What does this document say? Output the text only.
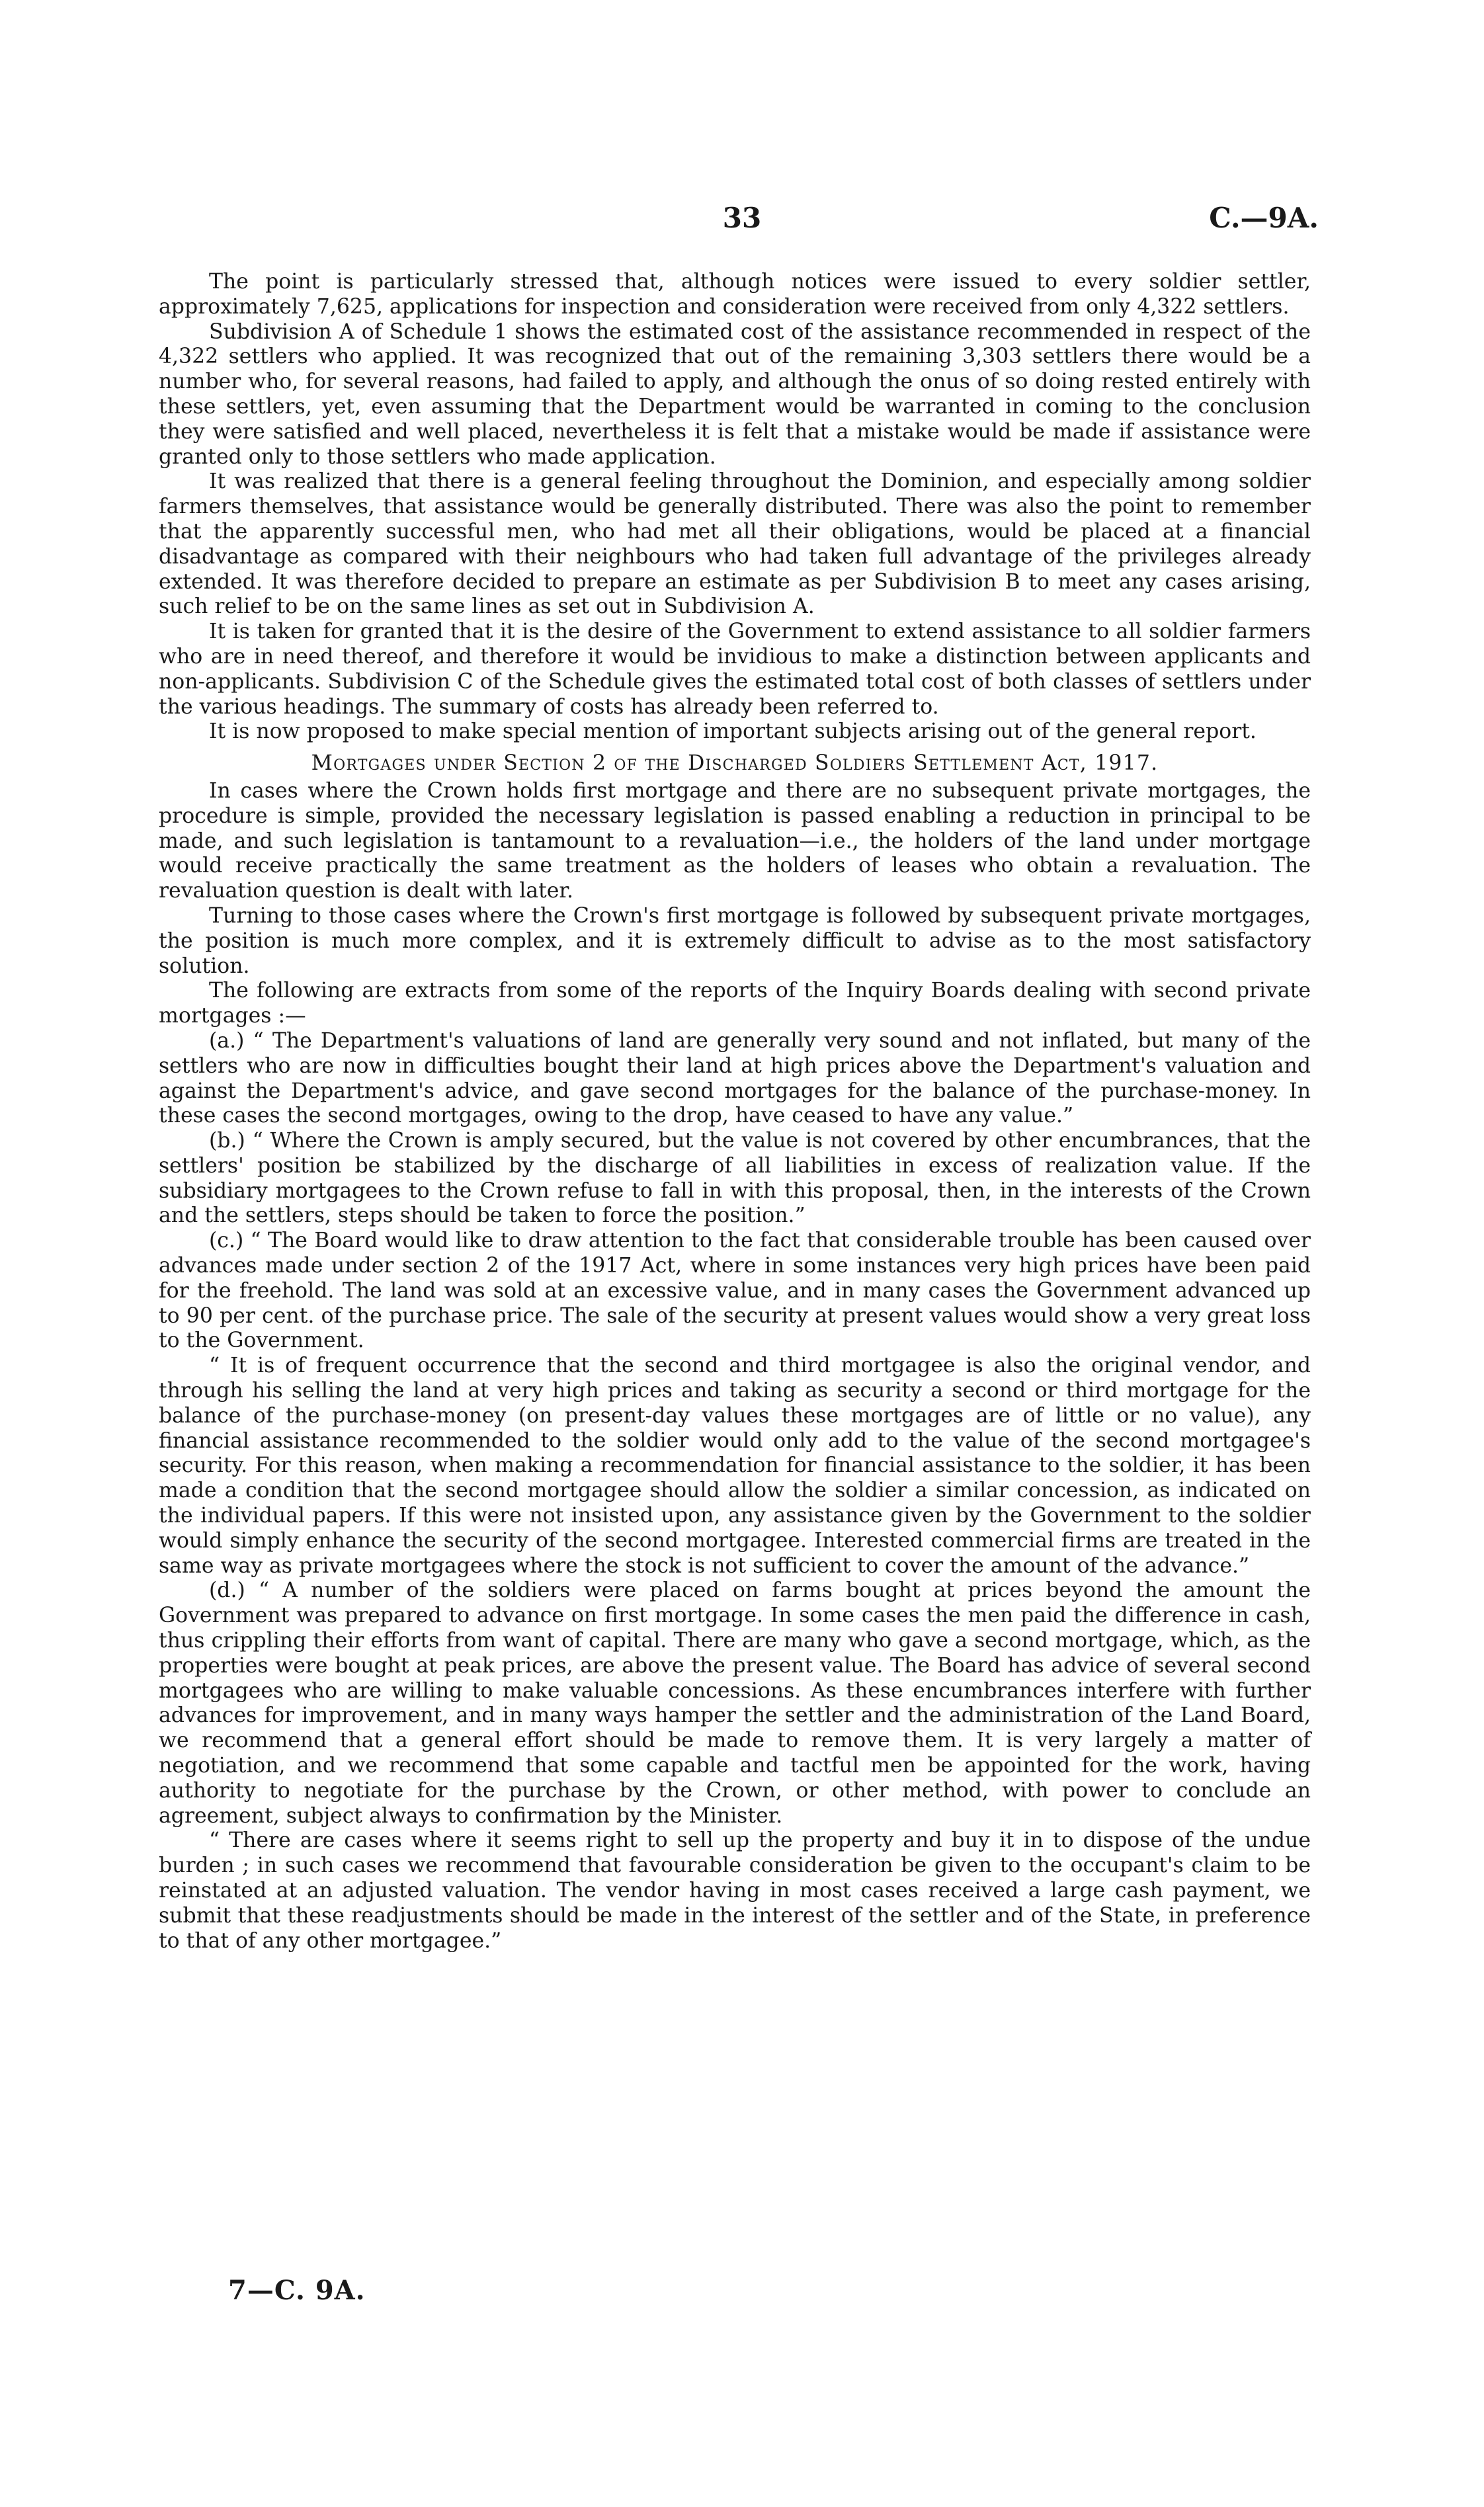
33	C.—9A.

The point is particularly stressed that, although notices were issued to every soldier settler, approximately 7,625, applications for inspection and consideration were received from only 4,322 settlers.

Subdivision A of Schedule 1 shows the estimated cost of the assistance recommended in respect of the 4,322 settlers who applied. It was recognized that out of the remaining 3,303 settlers there would be a number who, for several reasons, had failed to apply, and although the onus of so doing rested entirely with these settlers, yet, even assuming that the Department would be warranted in coming to the conclusion they were satisfied and well placed, nevertheless it is felt that a mistake would be made if assistance were granted only to those settlers who made application.

It was realized that there is a general feeling throughout the Dominion, and especially among soldier farmers themselves, that assistance would be generally distributed. There was also the point to remember that the apparently successful men, who had met all their obligations, would be placed at a financial disadvantage as compared with their neighbours who had taken full advantage of the privileges already extended. It was therefore decided to prepare an estimate as per Subdivision B to meet any cases arising, such relief to be on the same lines as set out in Subdivision A.

It is taken for granted that it is the desire of the Government to extend assistance to all soldier farmers who are in need thereof, and therefore it would be invidious to make a distinction between applicants and non-applicants. Subdivision C of the Schedule gives the estimated total cost of both classes of settlers under the various headings. The summary of costs has already been referred to.

It is now proposed to make special mention of important subjects arising out of the general report.

Mortgages under Section 2 of the Discharged Soldiers Settlement Act, 1917.

In cases where the Crown holds first mortgage and there are no subsequent private mortgages, the procedure is simple, provided the necessary legislation is passed enabling a reduction in principal to be made, and such legislation is tantamount to a revaluation—i.e., the holders of the land under mortgage would receive practically the same treatment as the holders of leases who obtain a revaluation. The revaluation question is dealt with later.

Turning to those cases where the Crown's first mortgage is followed by subsequent private mortgages, the position is much more complex, and it is extremely difficult to advise as to the most satisfactory solution.

The following are extracts from some of the reports of the Inquiry Boards dealing with second private mortgages :—

(a.) “ The Department's valuations of land are generally very sound and not inflated, but many of the settlers who are now in difficulties bought their land at high prices above the Department's valuation and against the Department's advice, and gave second mortgages for the balance of the purchase-money. In these cases the second mortgages, owing to the drop, have ceased to have any value.”

(b.) “ Where the Crown is amply secured, but the value is not covered by other encumbrances, that the settlers' position be stabilized by the discharge of all liabilities in excess of realization value. If the subsidiary mortgagees to the Crown refuse to fall in with this proposal, then, in the interests of the Crown and the settlers, steps should be taken to force the position.”

(c.) “ The Board would like to draw attention to the fact that considerable trouble has been caused over advances made under section 2 of the 1917 Act, where in some instances very high prices have been paid for the freehold. The land was sold at an excessive value, and in many cases the Government advanced up to 90 per cent. of the purchase price. The sale of the security at present values would show a very great loss to the Government.

“ It is of frequent occurrence that the second and third mortgagee is also the original vendor, and through his selling the land at very high prices and taking as security a second or third mortgage for the balance of the purchase-money (on present-day values these mortgages are of little or no value), any financial assistance recommended to the soldier would only add to the value of the second mortgagee's security. For this reason, when making a recommendation for financial assistance to the soldier, it has been made a condition that the second mortgagee should allow the soldier a similar concession, as indicated on the individual papers. If this were not insisted upon, any assistance given by the Government to the soldier would simply enhance the security of the second mortgagee. Interested commercial firms are treated in the same way as private mortgagees where the stock is not sufficient to cover the amount of the advance.”

(d.) “ A number of the soldiers were placed on farms bought at prices beyond the amount the Government was prepared to advance on first mortgage. In some cases the men paid the difference in cash, thus crippling their efforts from want of capital. There are many who gave a second mortgage, which, as the properties were bought at peak prices, are above the present value. The Board has advice of several second mortgagees who are willing to make valuable concessions. As these encumbrances interfere with further advances for improvement, and in many ways hamper the settler and the administration of the Land Board, we recommend that a general effort should be made to remove them. It is very largely a matter of negotiation, and we recommend that some capable and tactful men be appointed for the work, having authority to negotiate for the purchase by the Crown, or other method, with power to conclude an agreement, subject always to confirmation by the Minister.

“ There are cases where it seems right to sell up the property and buy it in to dispose of the undue burden ; in such cases we recommend that favourable consideration be given to the occupant's claim to be reinstated at an adjusted valuation. The vendor having in most cases received a large cash payment, we submit that these readjustments should be made in the interest of the settler and of the State, in preference to that of any other mortgagee.”

7—C. 9A.
